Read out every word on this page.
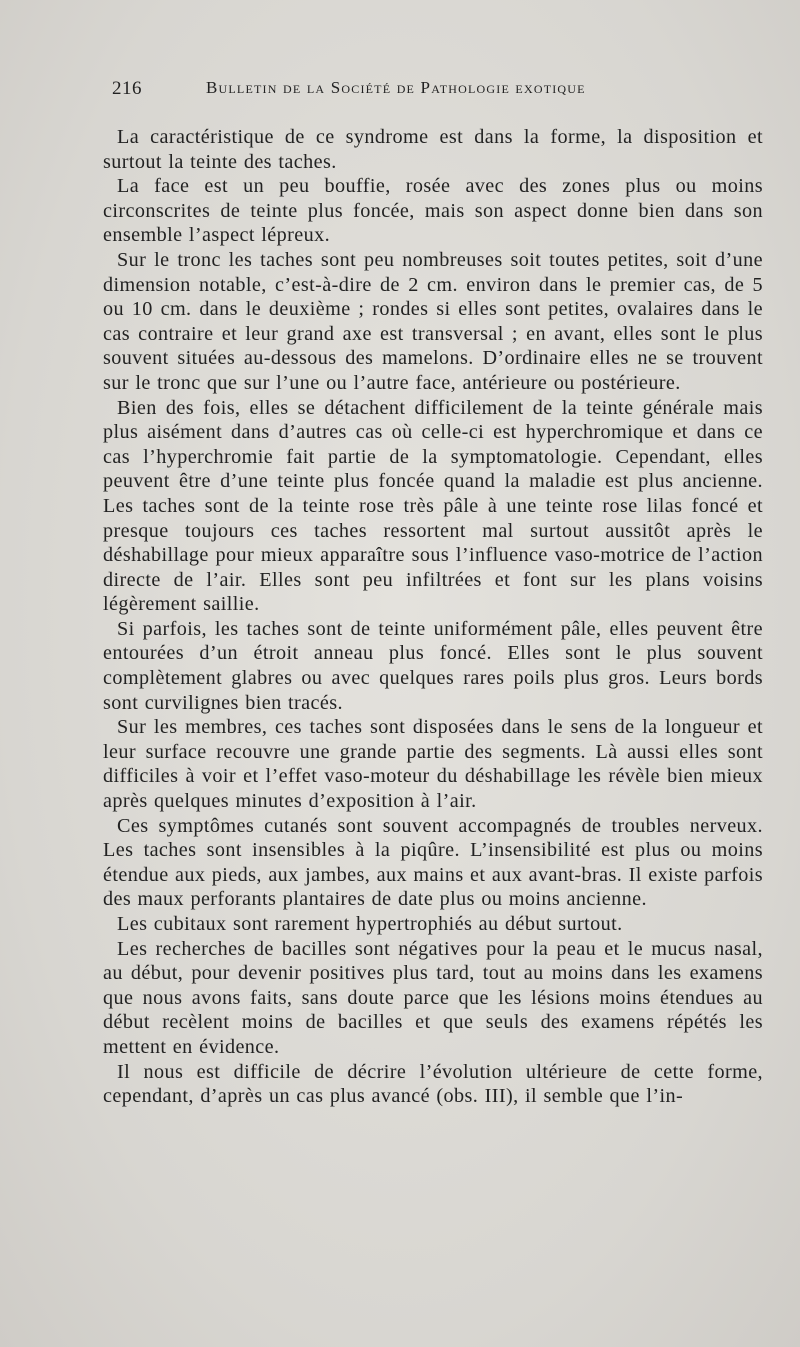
216	Bulletin de la Société de Pathologie exotique

La caractéristique de ce syndrome est dans la forme, la disposition et surtout la teinte des taches.

La face est un peu bouffie, rosée avec des zones plus ou moins circonscrites de teinte plus foncée, mais son aspect donne bien dans son ensemble l’aspect lépreux.

Sur le tronc les taches sont peu nombreuses soit toutes petites, soit d’une dimension notable, c’est-à-dire de 2 cm. environ dans le premier cas, de 5 ou 10 cm. dans le deuxième ; rondes si elles sont petites, ovalaires dans le cas contraire et leur grand axe est transversal ; en avant, elles sont le plus souvent situées au-dessous des mamelons. D’ordinaire elles ne se trouvent sur le tronc que sur l’une ou l’autre face, antérieure ou postérieure.

Bien des fois, elles se détachent difficilement de la teinte générale mais plus aisément dans d’autres cas où celle-ci est hyperchromique et dans ce cas l’hyperchromie fait partie de la symptomatologie. Cependant, elles peuvent être d’une teinte plus foncée quand la maladie est plus ancienne. Les taches sont de la teinte rose très pâle à une teinte rose lilas foncé et presque toujours ces taches ressortent mal surtout aussitôt après le déshabillage pour mieux apparaître sous l’influence vaso-motrice de l’action directe de l’air. Elles sont peu infiltrées et font sur les plans voisins légèrement saillie.

Si parfois, les taches sont de teinte uniformément pâle, elles peuvent être entourées d’un étroit anneau plus foncé. Elles sont le plus souvent complètement glabres ou avec quelques rares poils plus gros. Leurs bords sont curvilignes bien tracés.

Sur les membres, ces taches sont disposées dans le sens de la longueur et leur surface recouvre une grande partie des segments. Là aussi elles sont difficiles à voir et l’effet vaso-moteur du déshabillage les révèle bien mieux après quelques minutes d’exposition à l’air.

Ces symptômes cutanés sont souvent accompagnés de troubles nerveux. Les taches sont insensibles à la piqûre. L’insensibilité est plus ou moins étendue aux pieds, aux jambes, aux mains et aux avant-bras. Il existe parfois des maux perforants plantaires de date plus ou moins ancienne.

Les cubitaux sont rarement hypertrophiés au début surtout.

Les recherches de bacilles sont négatives pour la peau et le mucus nasal, au début, pour devenir positives plus tard, tout au moins dans les examens que nous avons faits, sans doute parce que les lésions moins étendues au début recèlent moins de bacilles et que seuls des examens répétés les mettent en évidence.

Il nous est difficile de décrire l’évolution ultérieure de cette forme, cependant, d’après un cas plus avancé (obs. III), il semble que l’in-
